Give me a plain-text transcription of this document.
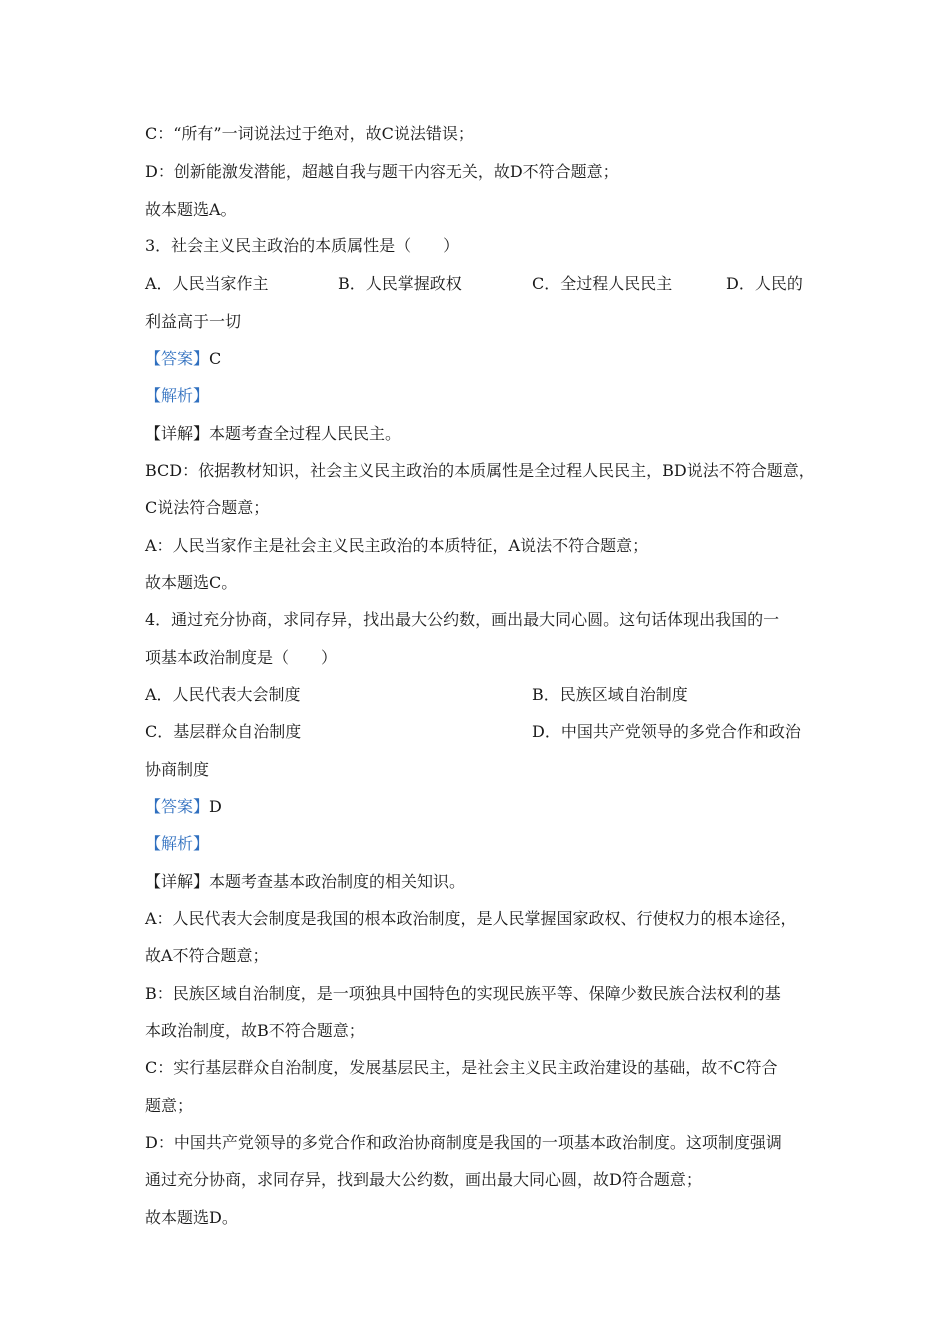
C：“所有”一词说法过于绝对，故C说法错误；
D：创新能激发潜能，超越自我与题干内容无关，故D不符合题意；
故本题选A。
3．社会主义民主政治的本质属性是（　　）
A．人民当家作主	B．人民掌握政权	C．全过程人民民主	D．人民的
利益高于一切
【答案】C
【解析】
【详解】本题考查全过程人民民主。
BCD：依据教材知识，社会主义民主政治的本质属性是全过程人民民主，BD说法不符合题意，
C说法符合题意；
A：人民当家作主是社会主义民主政治的本质特征，A说法不符合题意；
故本题选C。
4．通过充分协商，求同存异，找出最大公约数，画出最大同心圆。这句话体现出我国的一
项基本政治制度是（　　）
A．人民代表大会制度	B．民族区域自治制度
C．基层群众自治制度	D．中国共产党领导的多党合作和政治
协商制度
【答案】D
【解析】
【详解】本题考查基本政治制度的相关知识。
A：人民代表大会制度是我国的根本政治制度，是人民掌握国家政权、行使权力的根本途径，
故A不符合题意；
B：民族区域自治制度，是一项独具中国特色的实现民族平等、保障少数民族合法权利的基
本政治制度，故B不符合题意；
C：实行基层群众自治制度，发展基层民主，是社会主义民主政治建设的基础，故不C符合
题意；
D：中国共产党领导的多党合作和政治协商制度是我国的一项基本政治制度。这项制度强调
通过充分协商，求同存异，找到最大公约数，画出最大同心圆，故D符合题意；
故本题选D。
